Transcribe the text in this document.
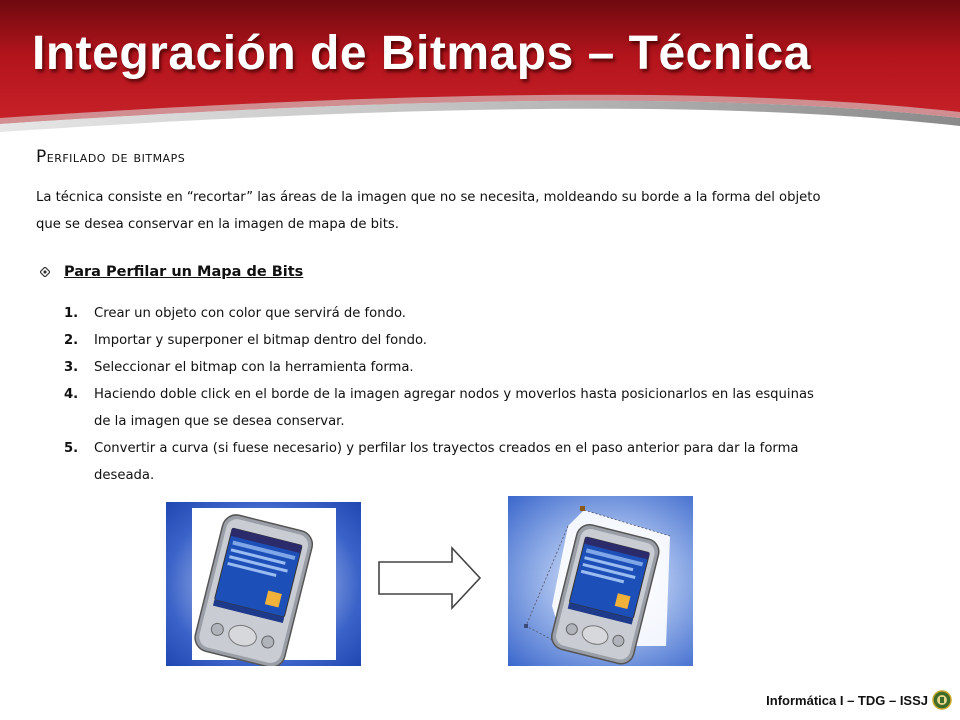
Integración de Bitmaps – Técnica
perfilado de bitmaps

La técnica consiste en “recortar” las áreas de la imagen que no se necesita, moldeando su borde a la forma del objeto que se desea conservar en la imagen de mapa de bits.

Para Perfilar un Mapa de Bits
1.	Crear un objeto con color que servirá de fondo.
2.	Importar y superponer el bitmap dentro del fondo.
3.	Seleccionar el bitmap con la herramienta forma.
4.	Haciendo doble click en el borde de la imagen agregar nodos y moverlos hasta posicionarlos en las esquinas de la imagen que se desea conservar.
5.	Convertir a curva (si fuese necesario) y perfilar los trayectos creados en el paso anterior para dar la forma deseada.
Informática I – TDG – ISSJ
